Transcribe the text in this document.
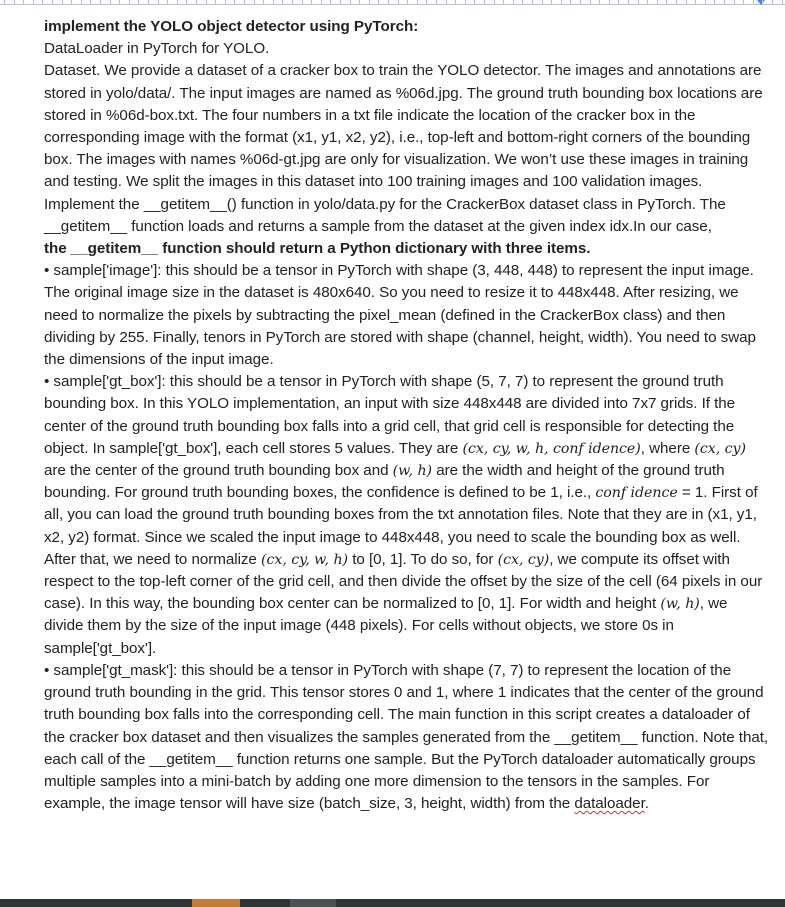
implement the YOLO object detector using PyTorch:

DataLoader in PyTorch for YOLO.

Dataset. We provide a dataset of a cracker box to train the YOLO detector. The images and annotations are stored in yolo/data/. The input images are named as %06d.jpg. The ground truth bounding box locations are stored in %06d-box.txt. The four numbers in a txt file indicate the location of the cracker box in the corresponding image with the format (x1, y1, x2, y2), i.e., top-left and bottom-right corners of the bounding box. The images with names %06d-gt.jpg are only for visualization. We won’t use these images in training and testing. We split the images in this dataset into 100 training images and 100 validation images. Implement the __getitem__() function in yolo/data.py for the CrackerBox dataset class in PyTorch. The __getitem__ function loads and returns a sample from the dataset at the given index idx.In our case,

the __getitem__ function should return a Python dictionary with three items.

• sample['image']: this should be a tensor in PyTorch with shape (3, 448, 448) to represent the input image. The original image size in the dataset is 480x640. So you need to resize it to 448x448. After resizing, we need to normalize the pixels by subtracting the pixel_mean (defined in the CrackerBox class) and then dividing by 255. Finally, tenors in PyTorch are stored with shape (channel, height, width). You need to swap the dimensions of the input image.

• sample['gt_box']: this should be a tensor in PyTorch with shape (5, 7, 7) to represent the ground truth bounding box. In this YOLO implementation, an input with size 448x448 are divided into 7x7 grids. If the center of the ground truth bounding box falls into a grid cell, that grid cell is responsible for detecting the object. In sample['gt_box'], each cell stores 5 values. They are (cx, cy, w, h, conf idence), where (cx, cy) are the center of the ground truth bounding box and (w, h) are the width and height of the ground truth bounding. For ground truth bounding boxes, the confidence is defined to be 1, i.e., conf idence = 1. First of all, you can load the ground truth bounding boxes from the txt annotation files. Note that they are in (x1, y1, x2, y2) format. Since we scaled the input image to 448x448, you need to scale the bounding box as well. After that, we need to normalize (cx, cy, w, h) to [0, 1]. To do so, for (cx, cy), we compute its offset with respect to the top-left corner of the grid cell, and then divide the offset by the size of the cell (64 pixels in our case). In this way, the bounding box center can be normalized to [0, 1]. For width and height (w, h), we divide them by the size of the input image (448 pixels). For cells without objects, we store 0s in sample['gt_box'].

• sample['gt_mask']: this should be a tensor in PyTorch with shape (7, 7) to represent the location of the ground truth bounding in the grid. This tensor stores 0 and 1, where 1 indicates that the center of the ground truth bounding box falls into the corresponding cell. The main function in this script creates a dataloader of the cracker box dataset and then visualizes the samples generated from the __getitem__ function. Note that, each call of the __getitem__ function returns one sample. But the PyTorch dataloader automatically groups multiple samples into a mini-batch by adding one more dimension to the tensors in the samples. For example, the image tensor will have size (batch_size, 3, height, width) from the dataloader.
